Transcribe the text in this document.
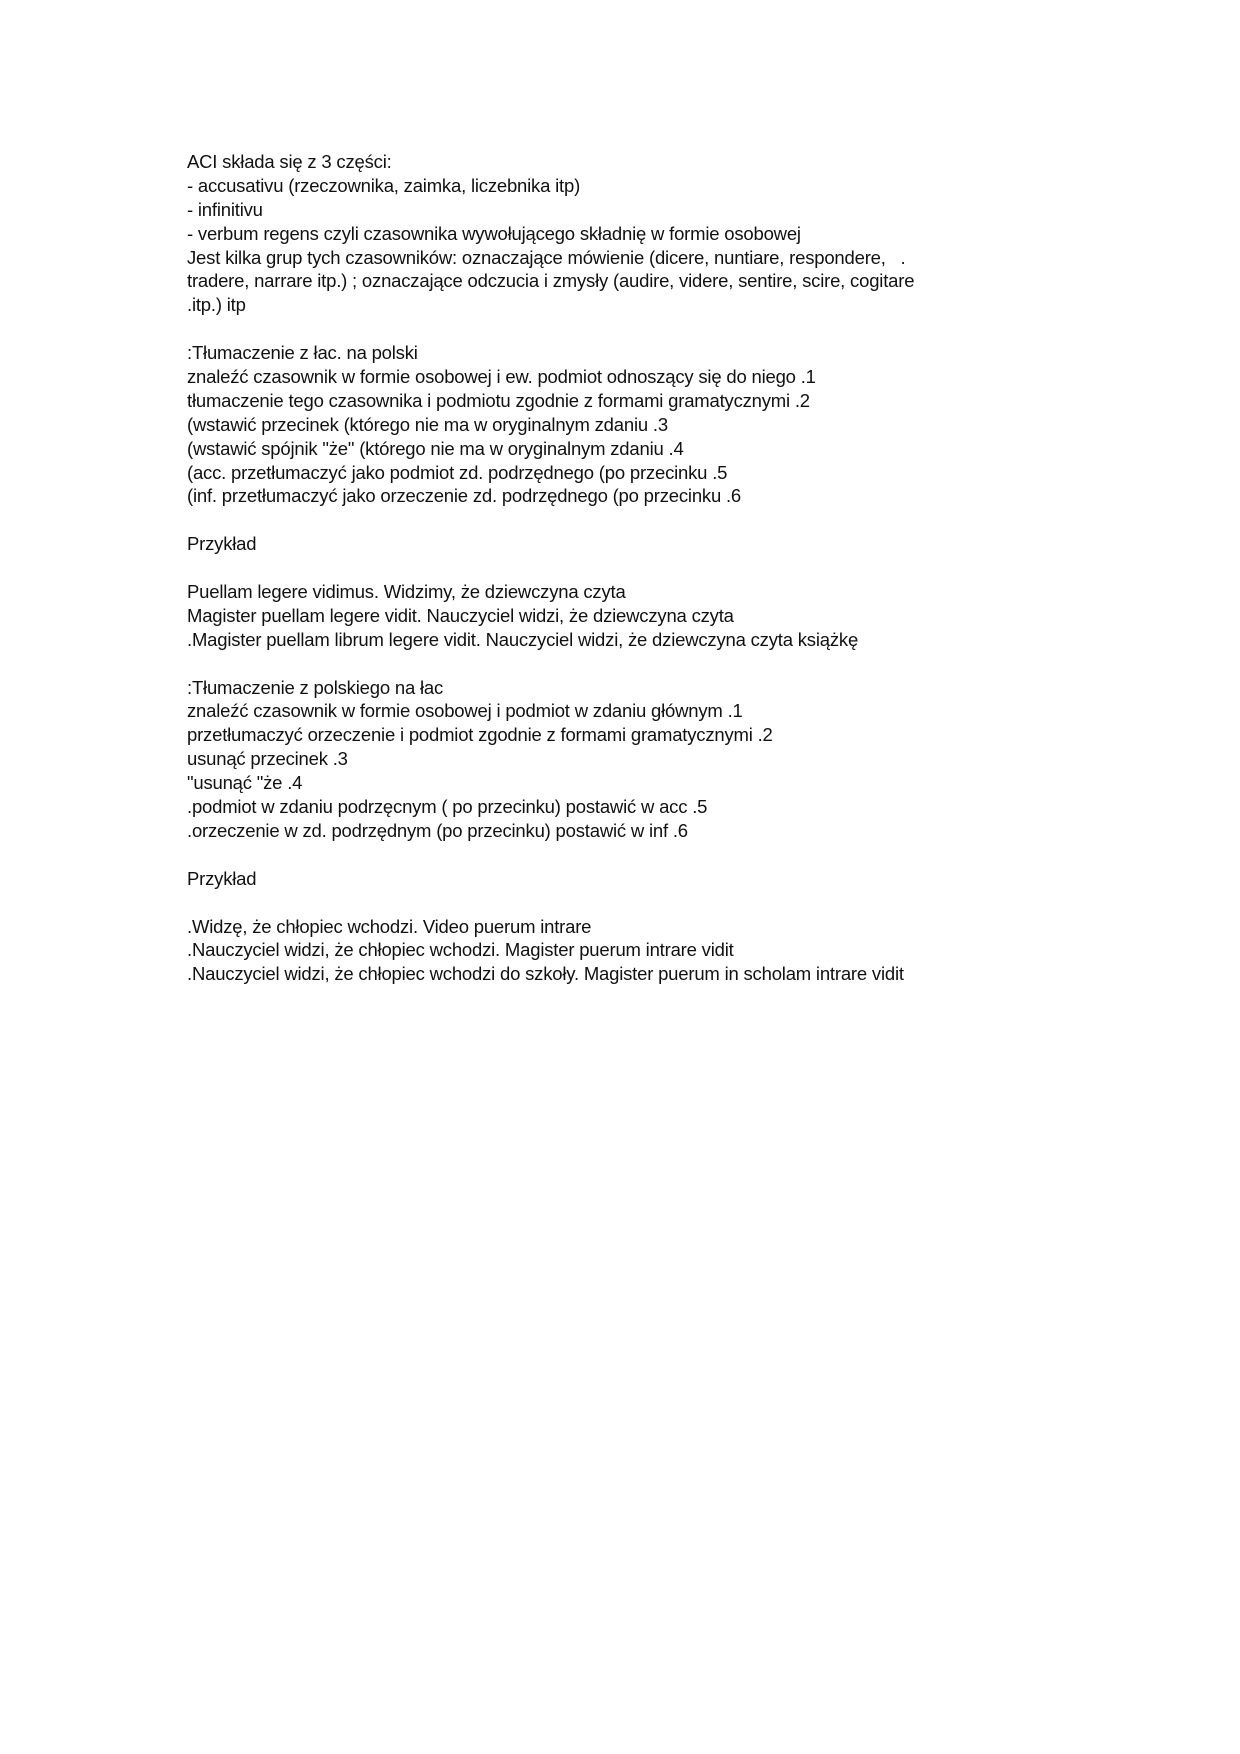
ACI składa się z 3 części:
- accusativu (rzeczownika, zaimka, liczebnika itp)
- infinitivu
- verbum regens czyli czasownika wywołującego składnię w formie osobowej
Jest kilka grup tych czasowników: oznaczające mówienie (dicere, nuntiare, respondere,   .
tradere, narrare itp.) ; oznaczające odczucia i zmysły (audire, videre, sentire, scire, cogitare
.itp.) itp
:Tłumaczenie z łac. na polski
znaleźć czasownik w formie osobowej i ew. podmiot odnoszący się do niego .1
tłumaczenie tego czasownika i podmiotu zgodnie z formami gramatycznymi .2
(wstawić przecinek (którego nie ma w oryginalnym zdaniu .3
(wstawić spójnik "że" (którego nie ma w oryginalnym zdaniu .4
(acc. przetłumaczyć jako podmiot zd. podrzędnego (po przecinku .5
(inf. przetłumaczyć jako orzeczenie zd. podrzędnego (po przecinku .6
Przykład
Puellam legere vidimus. Widzimy, że dziewczyna czyta
Magister puellam legere vidit. Nauczyciel widzi, że dziewczyna czyta
.Magister puellam librum legere vidit. Nauczyciel widzi, że dziewczyna czyta książkę
:Tłumaczenie z polskiego na łac
znaleźć czasownik w formie osobowej i podmiot w zdaniu głównym .1
przetłumaczyć orzeczenie i podmiot zgodnie z formami gramatycznymi .2
usunąć przecinek .3
"usunąć "że .4
.podmiot w zdaniu podrzęcnym ( po przecinku) postawić w acc .5
.orzeczenie w zd. podrzędnym (po przecinku) postawić w inf .6
Przykład
.Widzę, że chłopiec wchodzi. Video puerum intrare
.Nauczyciel widzi, że chłopiec wchodzi. Magister puerum intrare vidit
.Nauczyciel widzi, że chłopiec wchodzi do szkoły. Magister puerum in scholam intrare vidit
